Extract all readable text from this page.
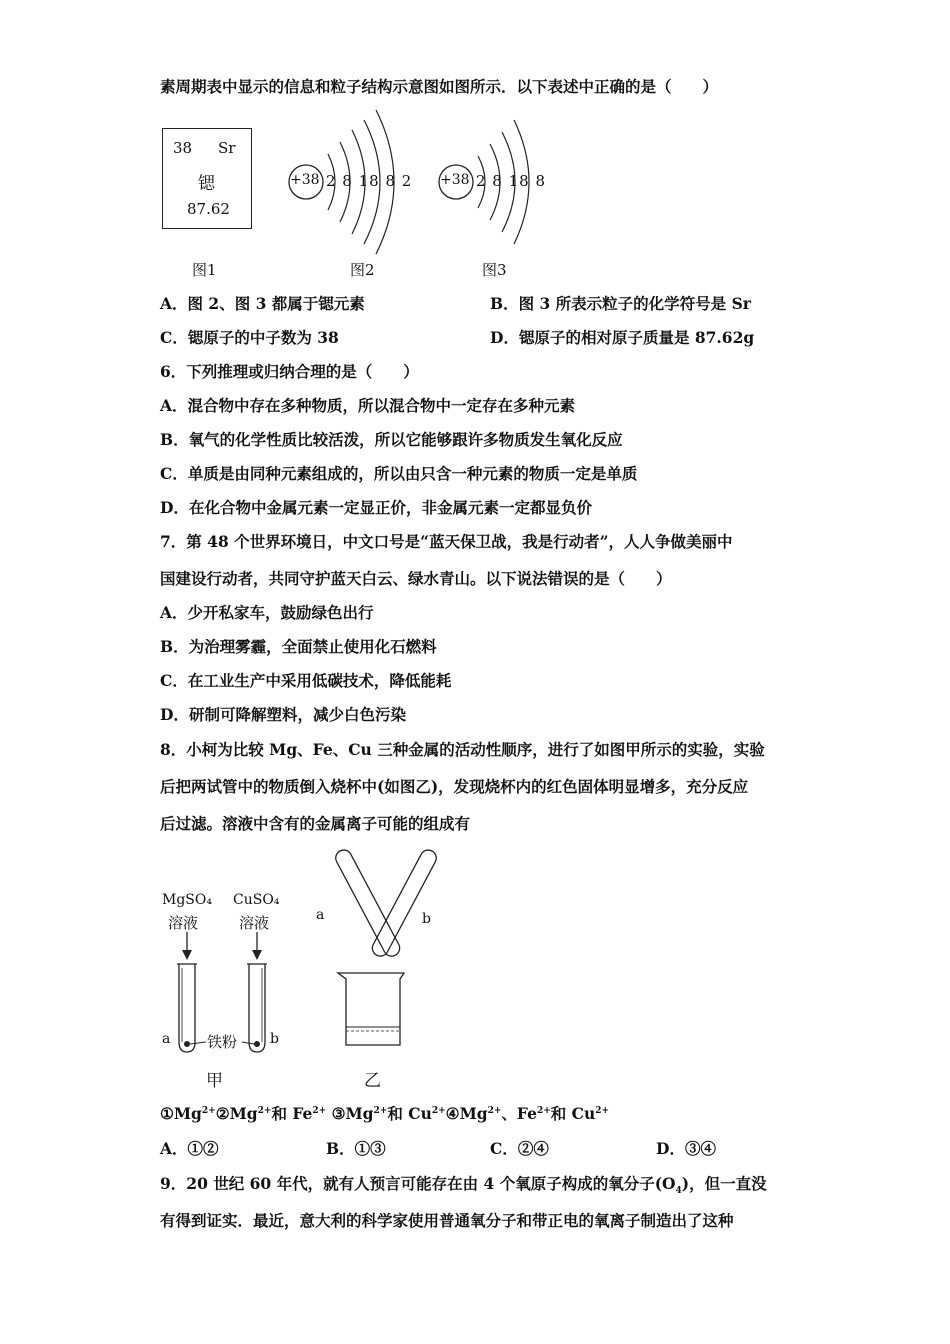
素周期表中显示的信息和粒子结构示意图如图所示．以下表述中正确的是（　　）
38 Sr
锶
87.62
图1
+38 2 8 18 8 2
图2
+38 2 8 18 8
图3
A．图 2、图 3 都属于锶元素	B．图 3 所表示粒子的化学符号是 Sr
C．锶原子的中子数为 38	D．锶原子的相对原子质量是 87.62g
6．下列推理或归纳合理的是（　　）
A．混合物中存在多种物质，所以混合物中一定存在多种元素
B．氧气的化学性质比较活泼，所以它能够跟许多物质发生氧化反应
C．单质是由同种元素组成的，所以由只含一种元素的物质一定是单质
D．在化合物中金属元素一定显正价，非金属元素一定都显负价
7．第 48 个世界环境日，中文口号是“蓝天保卫战，我是行动者”，人人争做美丽中
国建设行动者，共同守护蓝天白云、绿水青山。以下说法错误的是（　　）
A．少开私家车，鼓励绿色出行
B．为治理雾霾，全面禁止使用化石燃料
C．在工业生产中采用低碳技术，降低能耗
D．研制可降解塑料，减少白色污染
8．小柯为比较 Mg、Fe、Cu 三种金属的活动性顺序，进行了如图甲所示的实验，实验
后把两试管中的物质倒入烧杯中(如图乙)，发现烧杯内的红色固体明显增多，充分反应
后过滤。溶液中含有的金属离子可能的组成有
MgSO₄
溶液
CuSO₄
溶液
a	b
铁粉
甲
a	b
乙
$①Mg^{2+}②Mg^{2+}$和 $Fe^{2+}$ $③Mg^{2+}$和 $Cu^{2+}④Mg^{2+}$、$Fe^{2+}$和 $Cu^{2+}$
A．①②	B．①③	C．②④	D．③④
9．20 世纪 60 年代，就有人预言可能存在由 4 个氧原子构成的氧分子$(O_4)$，但一直没
有得到证实．最近，意大利的科学家使用普通氧分子和带正电的氧离子制造出了这种
